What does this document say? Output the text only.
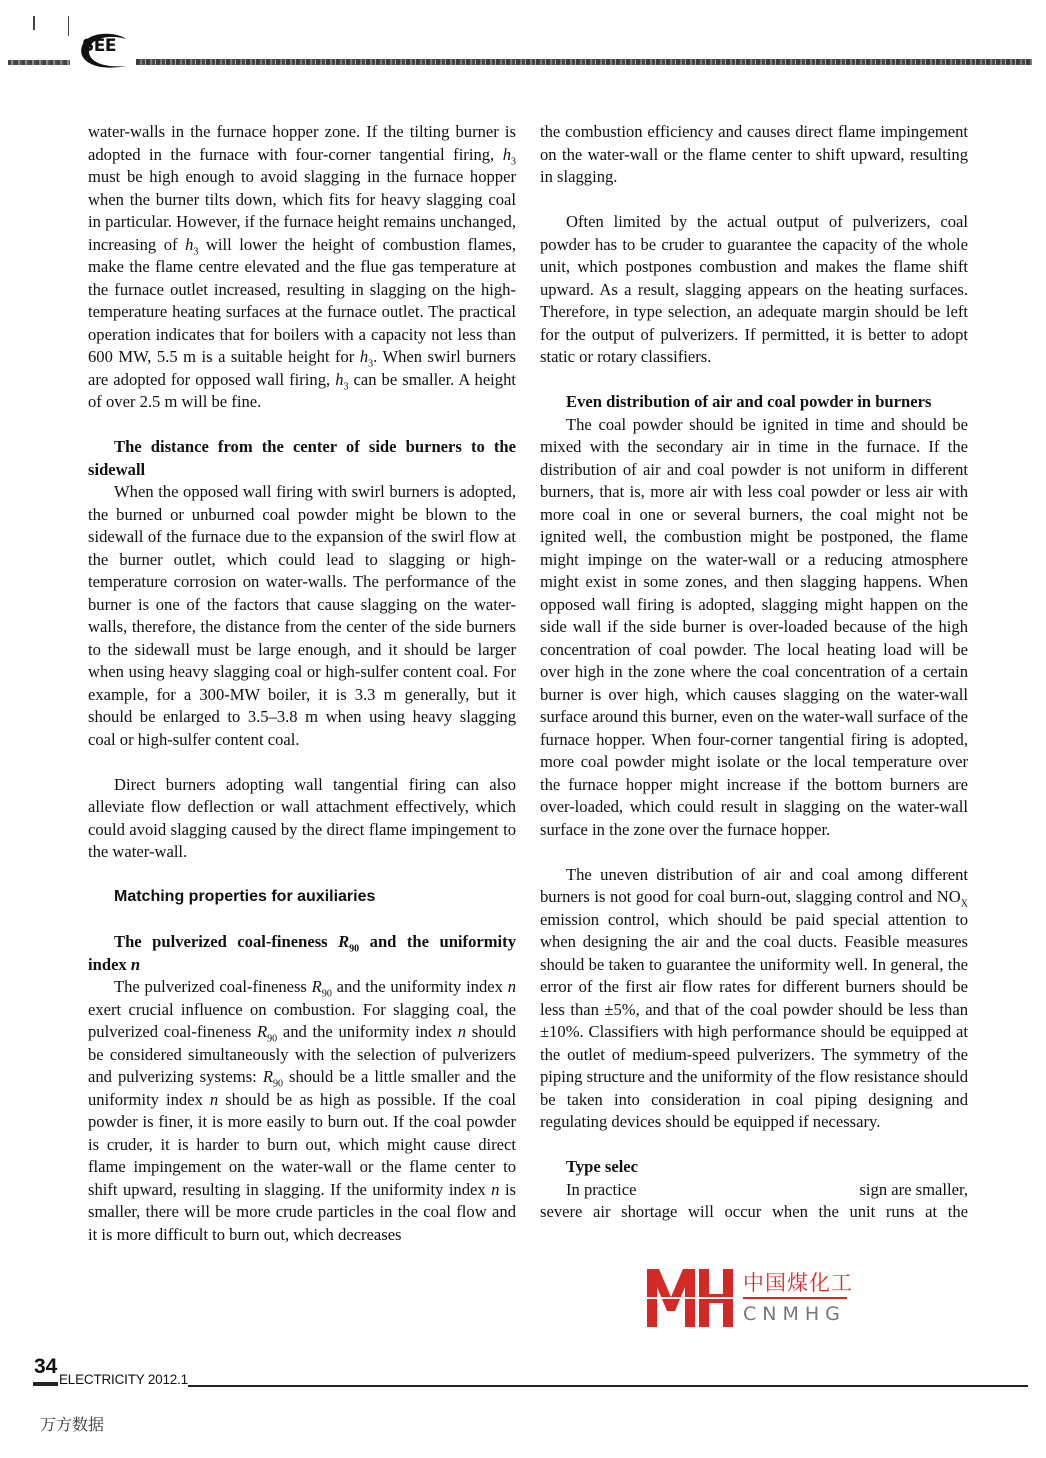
SEE

water-walls in the furnace hopper zone. If the tilting burner is adopted in the furnace with four-corner tangential firing, $h_3$ must be high enough to avoid slagging in the furnace hopper when the burner tilts down, which fits for heavy slagging coal in particular. However, if the furnace height remains unchanged, increasing of $h_3$ will lower the height of combustion flames, make the flame centre elevated and the flue gas temperature at the furnace outlet increased, resulting in slagging on the high-temperature heating surfaces at the furnace outlet. The practical operation indicates that for boilers with a capacity not less than 600 MW, 5.5 m is a suitable height for $h_3$. When swirl burners are adopted for opposed wall firing, $h_3$ can be smaller. A height of over 2.5 m will be fine.

The distance from the center of side burners to the sidewall

When the opposed wall firing with swirl burners is adopted, the burned or unburned coal powder might be blown to the sidewall of the furnace due to the expansion of the swirl flow at the burner outlet, which could lead to slagging or high-temperature corrosion on water-walls. The performance of the burner is one of the factors that cause slagging on the water-walls, therefore, the distance from the center of the side burners to the sidewall must be large enough, and it should be larger when using heavy slagging coal or high-sulfer content coal. For example, for a 300-MW boiler, it is 3.3 m generally, but it should be enlarged to 3.5–3.8 m when using heavy slagging coal or high-sulfer content coal.

Direct burners adopting wall tangential firing can also alleviate flow deflection or wall attachment effectively, which could avoid slagging caused by the direct flame impingement to the water-wall.

Matching properties for auxiliaries

The pulverized coal-fineness $R_{90}$ and the uniformity index n

The pulverized coal-fineness $R_{90}$ and the uniformity index n exert crucial influence on combustion. For slagging coal, the pulverized coal-fineness $R_{90}$ and the uniformity index n should be considered simultaneously with the selection of pulverizers and pulverizing systems: $R_{90}$ should be a little smaller and the uniformity index n should be as high as possible. If the coal powder is finer, it is more easily to burn out. If the coal powder is cruder, it is harder to burn out, which might cause direct flame impingement on the water-wall or the flame center to shift upward, resulting in slagging. If the uniformity index n is smaller, there will be more crude particles in the coal flow and it is more difficult to burn out, which decreases

the combustion efficiency and causes direct flame impingement on the water-wall or the flame center to shift upward, resulting in slagging.

Often limited by the actual output of pulverizers, coal powder has to be cruder to guarantee the capacity of the whole unit, which postpones combustion and makes the flame shift upward. As a result, slagging appears on the heating surfaces. Therefore, in type selection, an adequate margin should be left for the output of pulverizers. If permitted, it is better to adopt static or rotary classifiers.

Even distribution of air and coal powder in burners

The coal powder should be ignited in time and should be mixed with the secondary air in time in the furnace. If the distribution of air and coal powder is not uniform in different burners, that is, more air with less coal powder or less air with more coal in one or several burners, the coal might not be ignited well, the combustion might be postponed, the flame might impinge on the water-wall or a reducing atmosphere might exist in some zones, and then slagging happens. When opposed wall firing is adopted, slagging might happen on the side wall if the side burner is over-loaded because of the high concentration of coal powder. The local heating load will be over high in the zone where the coal concentration of a certain burner is over high, which causes slagging on the water-wall surface around this burner, even on the water-wall surface of the furnace hopper. When four-corner tangential firing is adopted, more coal powder might isolate or the local temperature over the furnace hopper might increase if the bottom burners are over-loaded, which could result in slagging on the water-wall surface in the zone over the furnace hopper.

The uneven distribution of air and coal among different burners is not good for coal burn-out, slagging control and $NO_X$ emission control, which should be paid special attention to when designing the air and the coal ducts. Feasible measures should be taken to guarantee the uniformity well. In general, the error of the first air flow rates for different burners should be less than ±5%, and that of the coal powder should be less than ±10%. Classifiers with high performance should be equipped at the outlet of medium-speed pulverizers. The symmetry of the piping structure and the uniformity of the flow resistance should be taken into consideration in coal piping designing and regulating devices should be equipped if necessary.

Type selec

In practice	sign are smaller,

severe air shortage will occur when the unit runs at the

中国煤化工
CNMHG
34
ELECTRICITY 2012.1
万方数据
